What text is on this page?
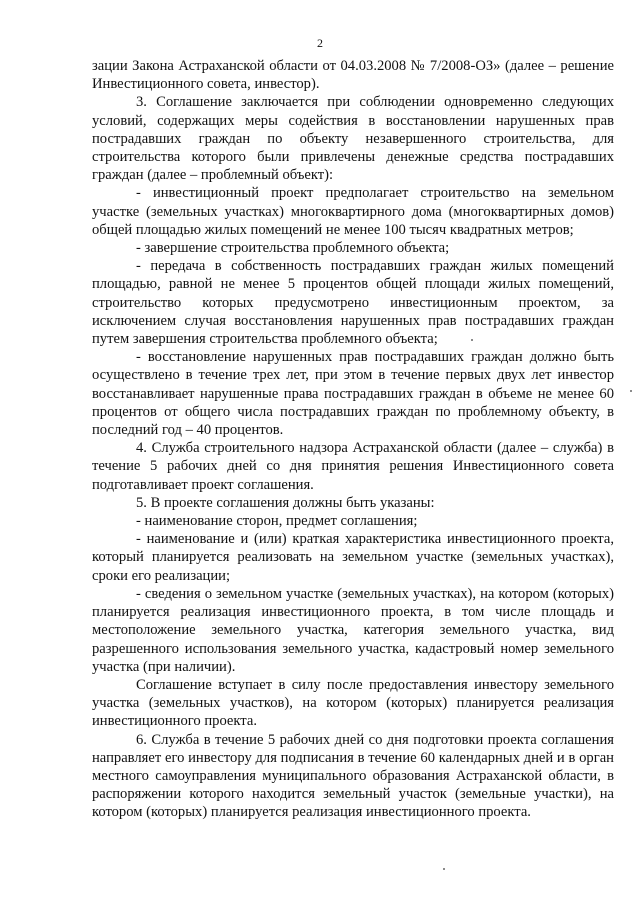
2

зации Закона Астраханской области от 04.03.2008 № 7/2008-ОЗ» (далее – решение Инвестиционного совета, инвестор).

3. Соглашение заключается при соблюдении одновременно следующих условий, содержащих меры содействия в восстановлении нарушенных прав пострадавших граждан по объекту незавершенного строительства, для строительства которого были привлечены денежные средства пострадавших граждан (далее – проблемный объект):

- инвестиционный проект предполагает строительство на земельном участке (земельных участках) многоквартирного дома (многоквартирных домов) общей площадью жилых помещений не менее 100 тысяч квадратных метров;

- завершение строительства проблемного объекта;

- передача в собственность пострадавших граждан жилых помещений площадью, равной не менее 5 процентов общей площади жилых помещений, строительство которых предусмотрено инвестиционным проектом, за исключением случая восстановления нарушенных прав пострадавших граждан путем завершения строительства проблемного объекта;

- восстановление нарушенных прав пострадавших граждан должно быть осуществлено в течение трех лет, при этом в течение первых двух лет инвестор восстанавливает нарушенные права пострадавших граждан в объеме не менее 60 процентов от общего числа пострадавших граждан по проблемному объекту, в последний год – 40 процентов.

4. Служба строительного надзора Астраханской области (далее – служба) в течение 5 рабочих дней со дня принятия решения Инвестиционного совета подготавливает проект соглашения.

5. В проекте соглашения должны быть указаны:

- наименование сторон, предмет соглашения;

- наименование и (или) краткая характеристика инвестиционного проекта, который планируется реализовать на земельном участке (земельных участках), сроки его реализации;

- сведения о земельном участке (земельных участках), на котором (которых) планируется реализация инвестиционного проекта, в том числе площадь и местоположение земельного участка, категория земельного участка, вид разрешенного использования земельного участка, кадастровый номер земельного участка (при наличии).

Соглашение вступает в силу после предоставления инвестору земельного участка (земельных участков), на котором (которых) планируется реализация инвестиционного проекта.

6. Служба в течение 5 рабочих дней со дня подготовки проекта соглашения направляет его инвестору для подписания в течение 60 календарных дней и в орган местного самоуправления муниципального образования Астраханской области, в распоряжении которого находится земельный участок (земельные участки), на котором (которых) планируется реализация инвестиционного проекта.
